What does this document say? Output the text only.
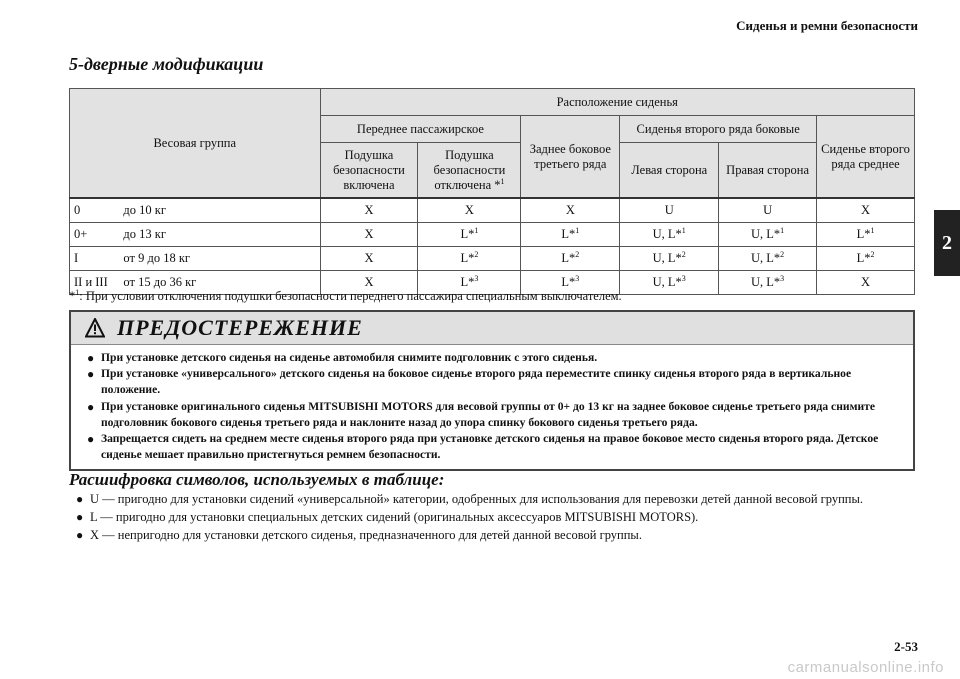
Сиденья и ремни безопасности
2
5-дверные модификации
Весовая группа		Расположение сиденья					
		Переднее пассажирское		Заднее боковое третьего ряда	Сиденья второго ряда боковые		Сиденье второго ряда среднее
		Подушка безопасности включена	Подушка безопасности отключена *$^1$		Левая сторона	Правая сторона	
0	до 10 кг	X	X	X	U	U	X
0+	до 13 кг	X	L*$^1$	L*$^1$	U, L*$^1$	U, L*$^1$	L*$^1$
I	от 9 до 18 кг	X	L*$^2$	L*$^2$	U, L*$^2$	U, L*$^2$	L*$^2$
II и III	от 15 до 36 кг	X	L*$^3$	L*$^3$	U, L*$^3$	U, L*$^3$	X
*$^1$: При условии отключения подушки безопасности переднего пассажира специальным выключателем.
ПРЕДОСТЕРЕЖЕНИЕ
● При установке детского сиденья на сиденье автомобиля снимите подголовник с этого сиденья.
● При установке «универсального» детского сиденья на боковое сиденье второго ряда переместите спинку сиденья второго ряда в вертикальное положение.
● При установке оригинального сиденья MITSUBISHI MOTORS для весовой группы от 0+ до 13 кг на заднее боковое сиденье третьего ряда снимите подголовник бокового сиденья третьего ряда и наклоните назад до упора спинку бокового сиденья третьего ряда.
● Запрещается сидеть на среднем месте сиденья второго ряда при установке детского сиденья на правое боковое место сиденья второго ряда. Детское сиденье мешает правильно пристегнуться ремнем безопасности.
Расшифровка символов, используемых в таблице:
● U — пригодно для установки сидений «универсальной» категории, одобренных для использования для перевозки детей данной весовой группы.
● L — пригодно для установки специальных детских сидений (оригинальных аксессуаров MITSUBISHI MOTORS).
● X — непригодно для установки детского сиденья, предназначенного для детей данной весовой группы.
2-53
carmanualsonline.info
